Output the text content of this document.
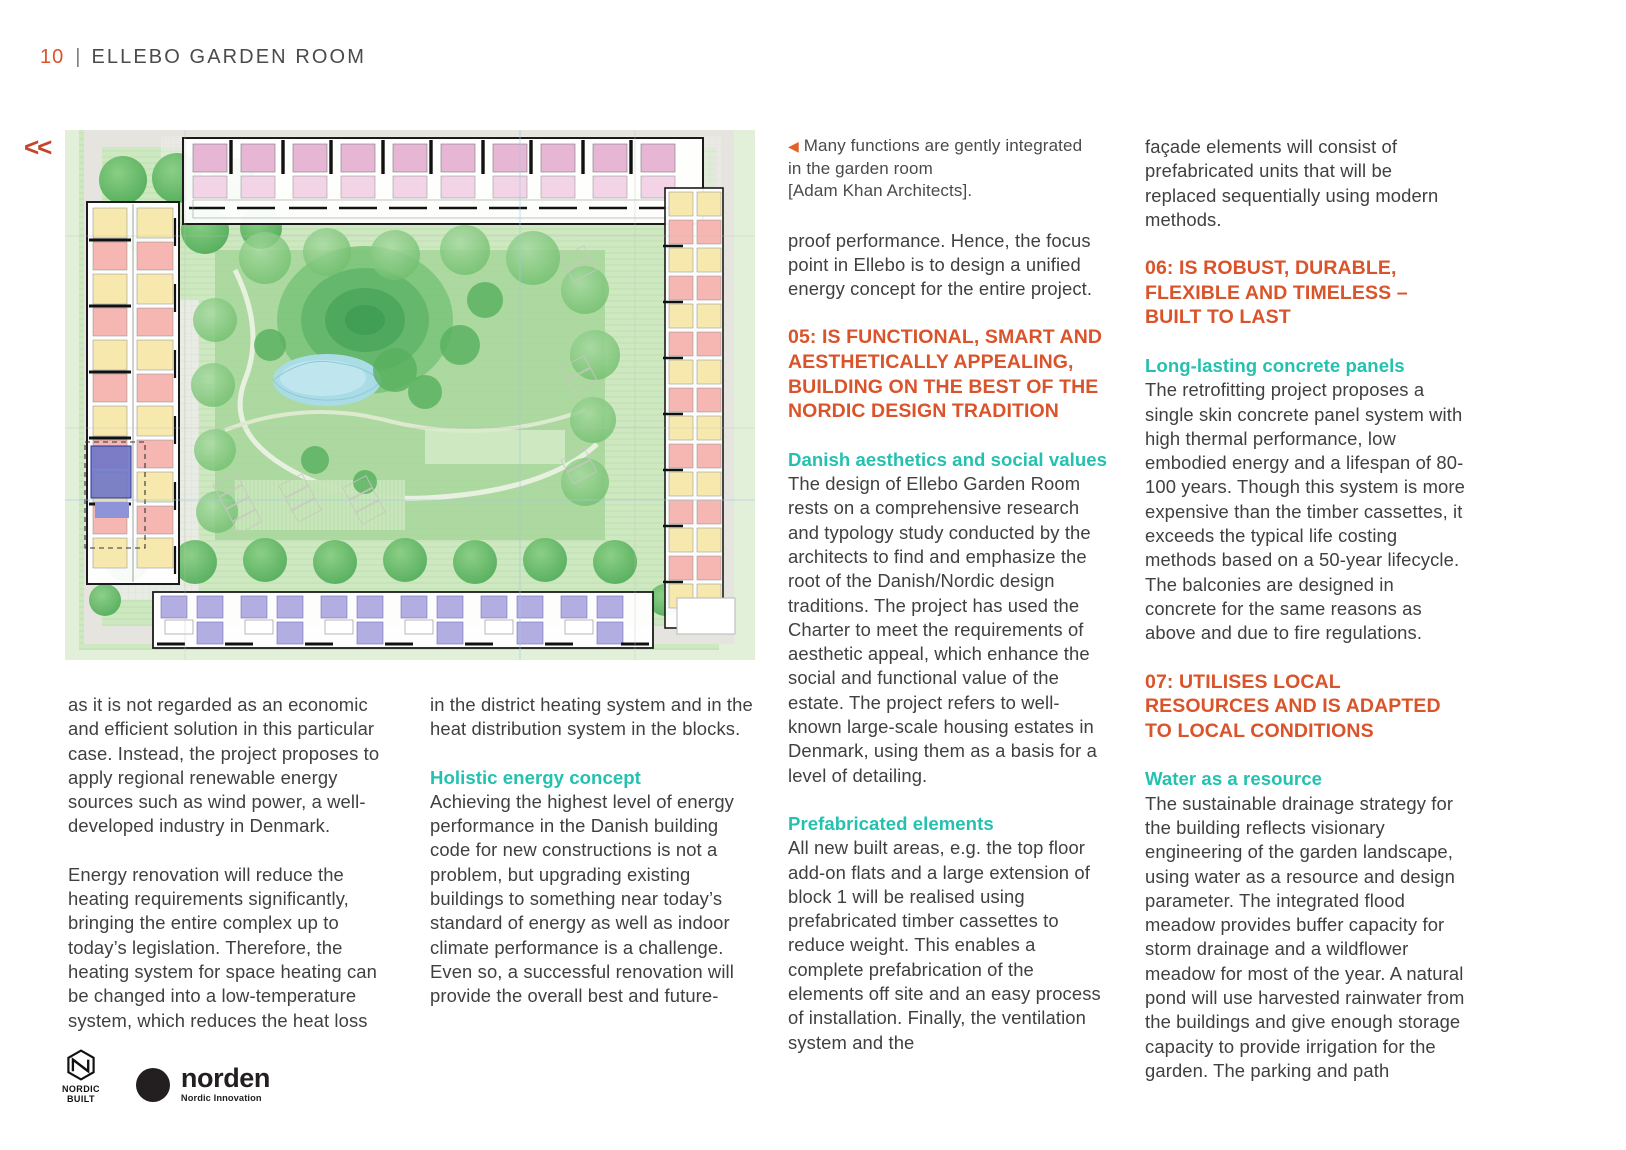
10 | ELLEBO GARDEN ROOM
<<

as it is not regarded as an economic and efficient solution in this particular case. Instead, the project proposes to apply regional renewable energy sources such as wind power, a well-developed industry in Denmark.

Energy renovation will reduce the heating requirements significantly, bringing the entire complex up to today’s legislation. Therefore, the heating system for space heating can be changed into a low-temperature system, which reduces the heat loss

in the district heating system and in the heat distribution system in the blocks.

Holistic energy concept

Achieving the highest level of energy performance in the Danish building code for new constructions is not a problem, but upgrading existing buildings to something near today’s standard of energy as well as indoor climate performance is a challenge. Even so, a successful renovation will provide the overall best and future-

◀ Many functions are gently integrated
in the garden room
[Adam Khan Architects].

proof performance. Hence, the focus point in Ellebo is to design a unified energy concept for the entire project.

05: IS FUNCTIONAL, SMART AND AESTHETICALLY APPEALING, BUILDING ON THE BEST OF THE NORDIC DESIGN TRADITION
Danish aesthetics and social values

The design of Ellebo Garden Room rests on a comprehensive research and typology study conducted by the architects to find and emphasize the root of the Danish/Nordic design traditions. The project has used the Charter to meet the requirements of aesthetic appeal, which enhance the social and functional value of the estate. The project refers to well-known large-scale housing estates in Denmark, using them as a basis for a level of detailing.

Prefabricated elements

All new built areas, e.g. the top floor add-on flats and a large extension of block 1 will be realised using prefabricated timber cassettes to reduce weight. This enables a complete prefabrication of the elements off site and an easy process of installation. Finally, the ventilation system and the

façade elements will consist of prefabricated units that will be replaced sequentially using modern methods.

06: IS ROBUST, DURABLE, FLEXIBLE AND TIMELESS – BUILT TO LAST
Long-lasting concrete panels

The retrofitting project proposes a single skin concrete panel system with high thermal performance, low embodied energy and a lifespan of 80-100 years. Though this system is more expensive than the timber cassettes, it exceeds the typical life costing methods based on a 50-year lifecycle. The balconies are designed in concrete for the same reasons as above and due to fire regulations.

07: UTILISES LOCAL RESOURCES AND IS ADAPTED TO LOCAL CONDITIONS
Water as a resource

The sustainable drainage strategy for the building reflects visionary engineering of the garden landscape, using water as a resource and design parameter. The integrated flood meadow provides buffer capacity for storm drainage and a wildflower meadow for most of the year. A natural pond will use harvested rainwater from the buildings and give enough storage capacity to provide irrigation for the garden. The parking and path

NORDIC
BUILT
norden
Nordic Innovation
